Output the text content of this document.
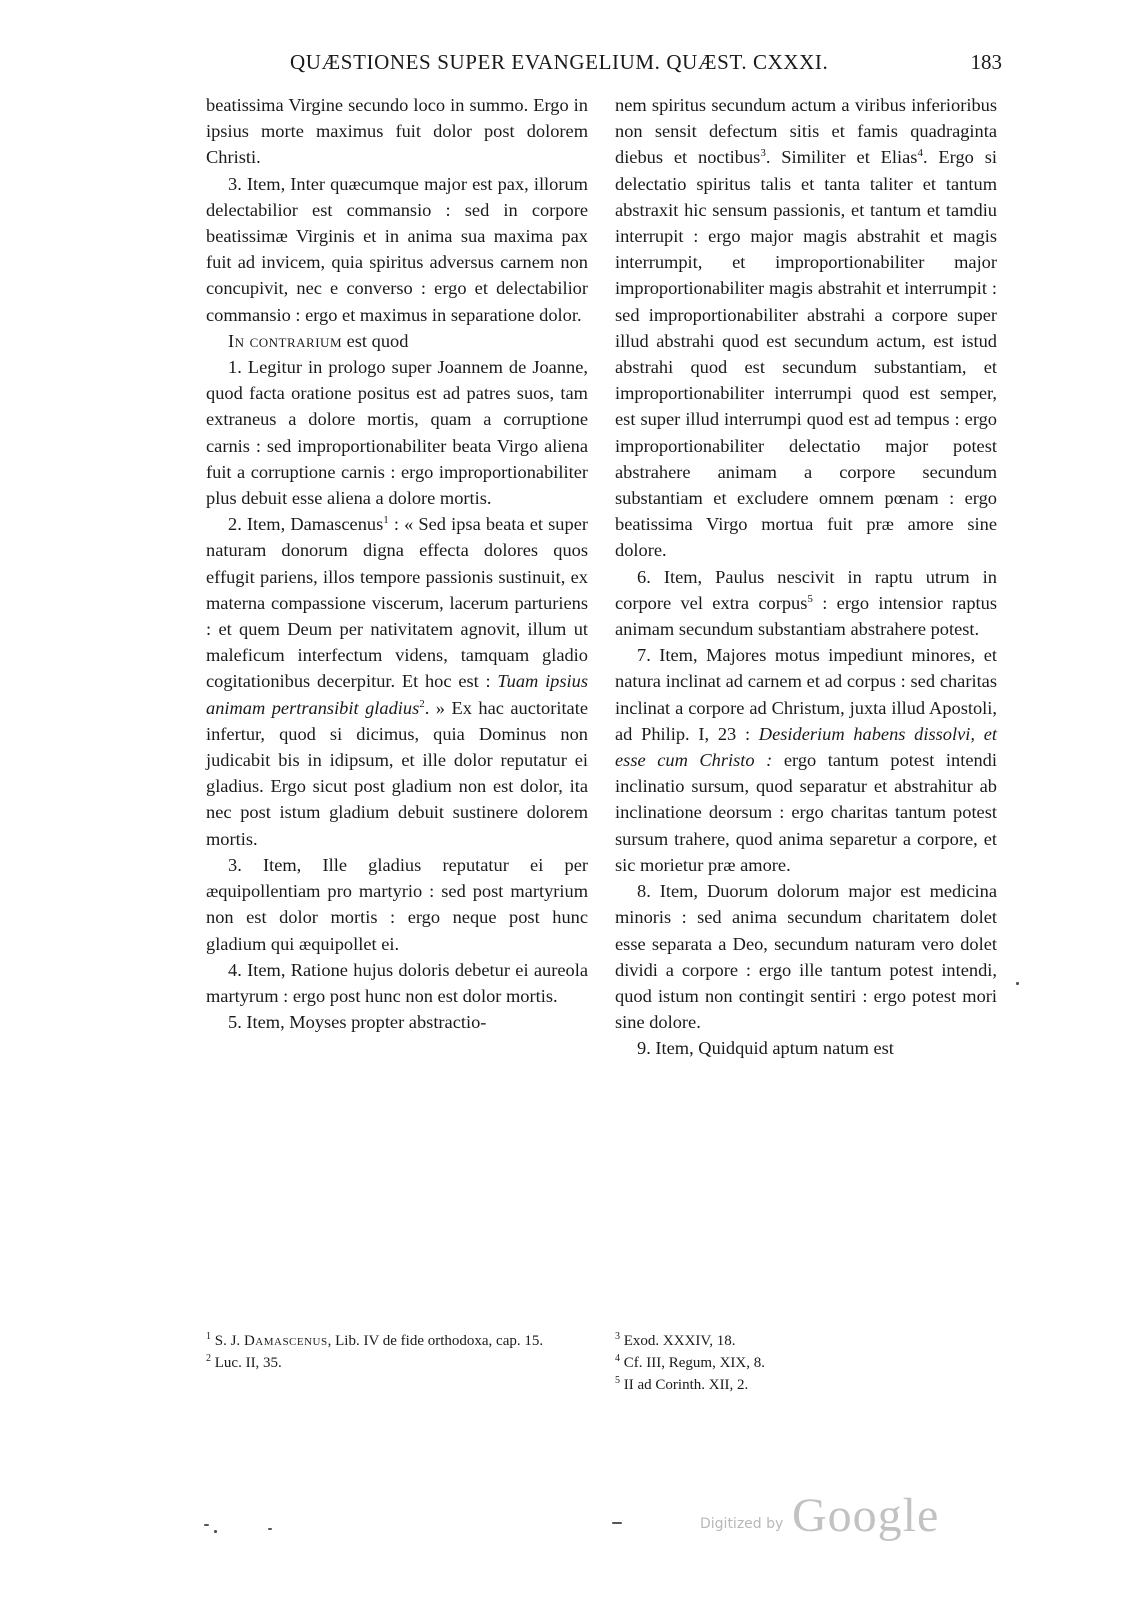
QUÆSTIONES SUPER EVANGELIUM. QUÆST. CXXXI.	183

beatissima Virgine secundo loco in summo. Ergo in ipsius morte maximus fuit dolor post dolorem Christi.

3. Item, Inter quæcumque major est pax, illorum delectabilior est commansio : sed in corpore beatissimæ Virginis et in anima sua maxima pax fuit ad invicem, quia spiritus adversus carnem non concupivit, nec e converso : ergo et delectabilior commansio : ergo et maximus in separatione dolor.

In contrarium est quod

1. Legitur in prologo super Joannem de Joanne, quod facta oratione positus est ad patres suos, tam extraneus a dolore mortis, quam a corruptione carnis : sed improportionabiliter beata Virgo aliena fuit a corruptione carnis : ergo improportionabiliter plus debuit esse aliena a dolore mortis.

2. Item, Damascenus$^1$ : « Sed ipsa beata et super naturam donorum digna effecta dolores quos effugit pariens, illos tempore passionis sustinuit, ex materna compassione viscerum, lacerum parturiens : et quem Deum per nativitatem agnovit, illum ut maleficum interfectum videns, tamquam gladio cogitationibus decerpitur. Et hoc est : Tuam ipsius animam pertransibit gladius$^2$. » Ex hac auctoritate infertur, quod si dicimus, quia Dominus non judicabit bis in idipsum, et ille dolor reputatur ei gladius. Ergo sicut post gladium non est dolor, ita nec post istum gladium debuit sustinere dolorem mortis.

3. Item, Ille gladius reputatur ei per æquipollentiam pro martyrio : sed post martyrium non est dolor mortis : ergo neque post hunc gladium qui æquipollet ei.

4. Item, Ratione hujus doloris debetur ei aureola martyrum : ergo post hunc non est dolor mortis.

5. Item, Moyses propter abstractio-

nem spiritus secundum actum a viribus inferioribus non sensit defectum sitis et famis quadraginta diebus et noctibus$^3$. Similiter et Elias$^4$. Ergo si delectatio spiritus talis et tanta taliter et tantum abstraxit hic sensum passionis, et tantum et tamdiu interrupit : ergo major magis abstrahit et magis interrumpit, et improportionabiliter major improportionabiliter magis abstrahit et interrumpit : sed improportionabiliter abstrahi a corpore super illud abstrahi quod est secundum actum, est istud abstrahi quod est secundum substantiam, et improportionabiliter interrumpi quod est semper, est super illud interrumpi quod est ad tempus : ergo improportionabiliter delectatio major potest abstrahere animam a corpore secundum substantiam et excludere omnem pœnam : ergo beatissima Virgo mortua fuit præ amore sine dolore.

6. Item, Paulus nescivit in raptu utrum in corpore vel extra corpus$^5$ : ergo intensior raptus animam secundum substantiam abstrahere potest.

7. Item, Majores motus impediunt minores, et natura inclinat ad carnem et ad corpus : sed charitas inclinat a corpore ad Christum, juxta illud Apostoli, ad Philip. I, 23 : Desiderium habens dissolvi, et esse cum Christo : ergo tantum potest intendi inclinatio sursum, quod separatur et abstrahitur ab inclinatione deorsum : ergo charitas tantum potest sursum trahere, quod anima separetur a corpore, et sic morietur præ amore.

8. Item, Duorum dolorum major est medicina minoris : sed anima secundum charitatem dolet esse separata a Deo, secundum naturam vero dolet dividi a corpore : ergo ille tantum potest intendi, quod istum non contingit sentiri : ergo potest mori sine dolore.

9. Item, Quidquid aptum natum est

$^1$ S. J. Damascenus, Lib. IV de fide orthodoxa, cap. 15.

$^2$ Luc. II, 35.

$^3$ Exod. XXXIV, 18.

$^4$ Cf. III, Regum, XIX, 8.

$^5$ II ad Corinth. XII, 2.

Digitized by Google
